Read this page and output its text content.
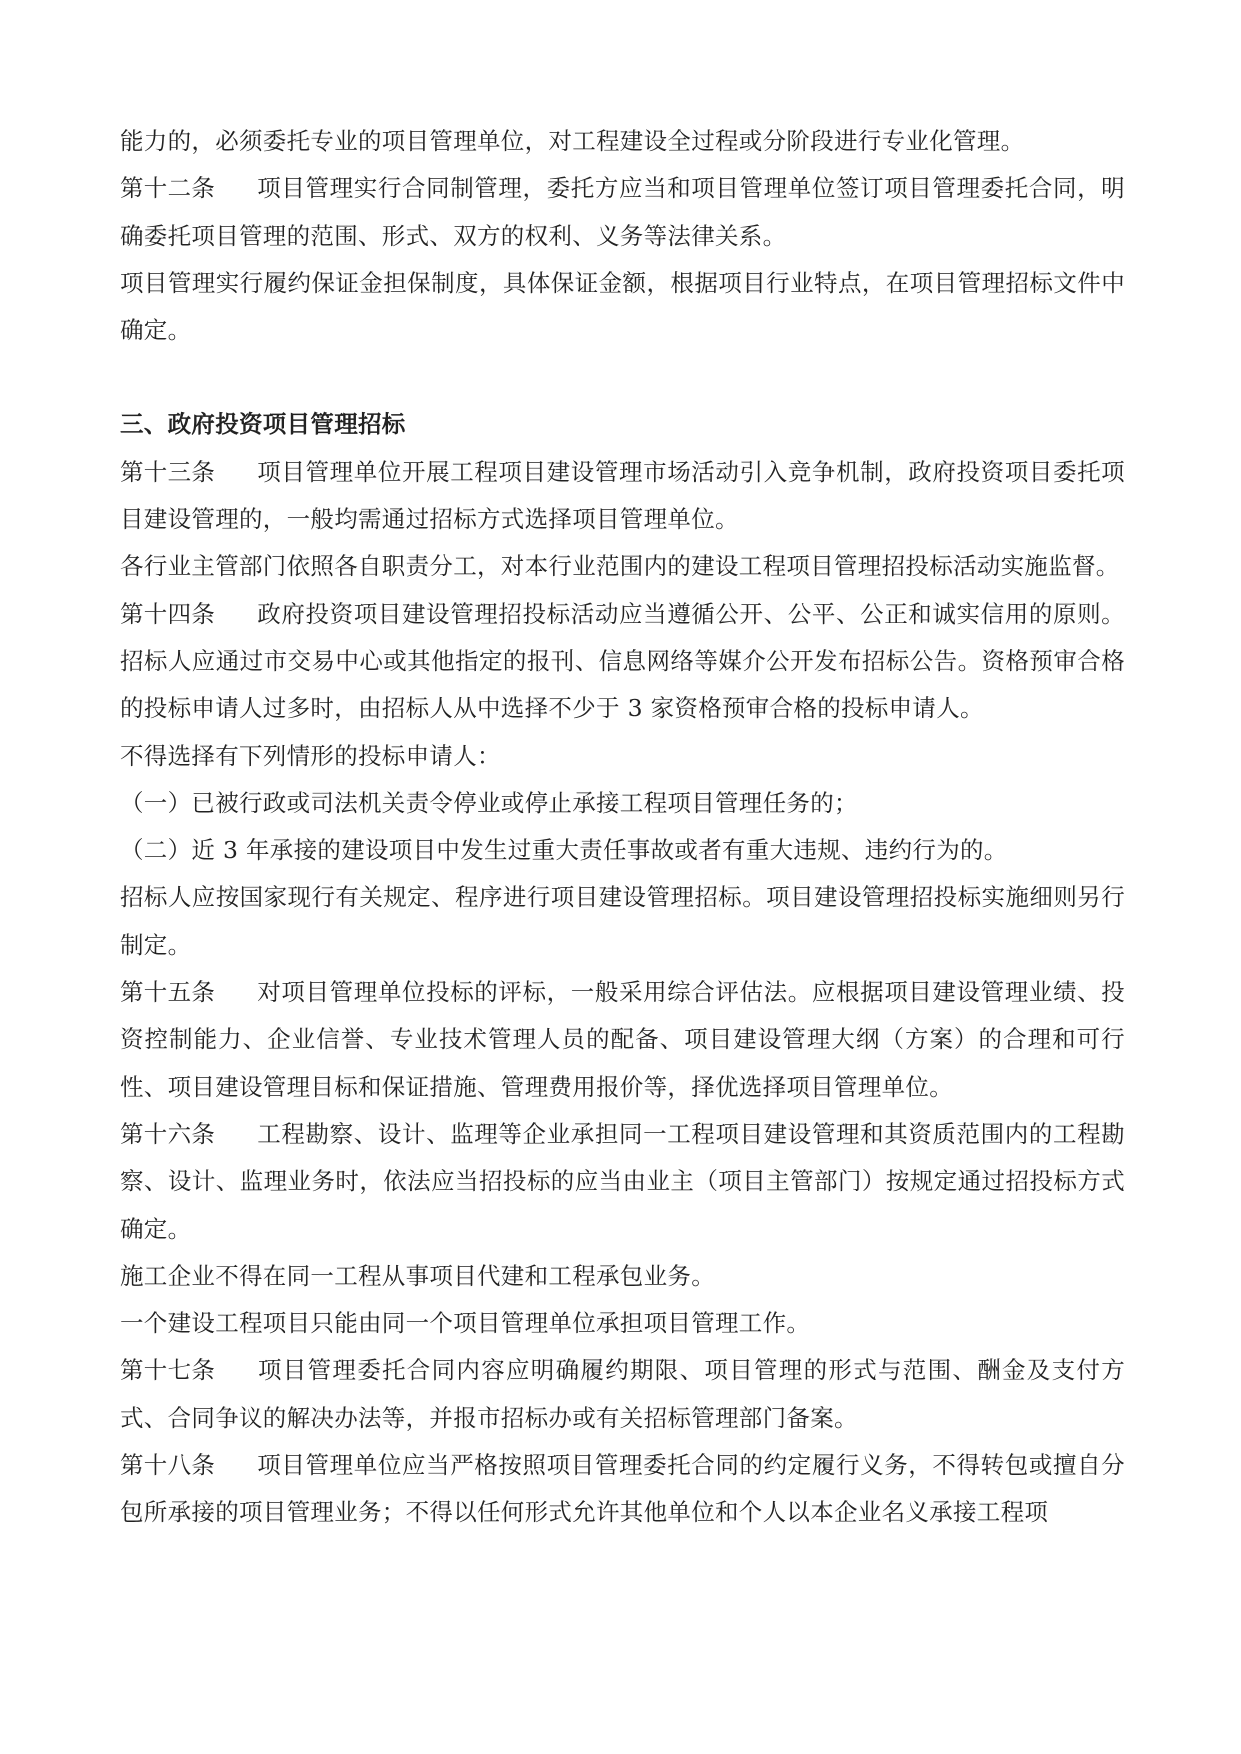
能力的，必须委托专业的项目管理单位，对工程建设全过程或分阶段进行专业化管理。

第十二条 项目管理实行合同制管理，委托方应当和项目管理单位签订项目管理委托合同，明确委托项目管理的范围、形式、双方的权利、义务等法律关系。

项目管理实行履约保证金担保制度，具体保证金额，根据项目行业特点，在项目管理招标文件中确定。

三、政府投资项目管理招标

第十三条 项目管理单位开展工程项目建设管理市场活动引入竞争机制，政府投资项目委托项目建设管理的，一般均需通过招标方式选择项目管理单位。

各行业主管部门依照各自职责分工，对本行业范围内的建设工程项目管理招投标活动实施监督。

第十四条 政府投资项目建设管理招投标活动应当遵循公开、公平、公正和诚实信用的原则。招标人应通过市交易中心或其他指定的报刊、信息网络等媒介公开发布招标公告。资格预审合格的投标申请人过多时，由招标人从中选择不少于 3 家资格预审合格的投标申请人。

不得选择有下列情形的投标申请人：

（一）已被行政或司法机关责令停业或停止承接工程项目管理任务的；

（二）近 3 年承接的建设项目中发生过重大责任事故或者有重大违规、违约行为的。

招标人应按国家现行有关规定、程序进行项目建设管理招标。项目建设管理招投标实施细则另行制定。

第十五条 对项目管理单位投标的评标，一般采用综合评估法。应根据项目建设管理业绩、投资控制能力、企业信誉、专业技术管理人员的配备、项目建设管理大纲（方案）的合理和可行性、项目建设管理目标和保证措施、管理费用报价等，择优选择项目管理单位。

第十六条 工程勘察、设计、监理等企业承担同一工程项目建设管理和其资质范围内的工程勘察、设计、监理业务时，依法应当招投标的应当由业主（项目主管部门）按规定通过招投标方式确定。

施工企业不得在同一工程从事项目代建和工程承包业务。

一个建设工程项目只能由同一个项目管理单位承担项目管理工作。

第十七条 项目管理委托合同内容应明确履约期限、项目管理的形式与范围、酬金及支付方式、合同争议的解决办法等，并报市招标办或有关招标管理部门备案。

第十八条 项目管理单位应当严格按照项目管理委托合同的约定履行义务，不得转包或擅自分包所承接的项目管理业务；不得以任何形式允许其他单位和个人以本企业名义承接工程项
